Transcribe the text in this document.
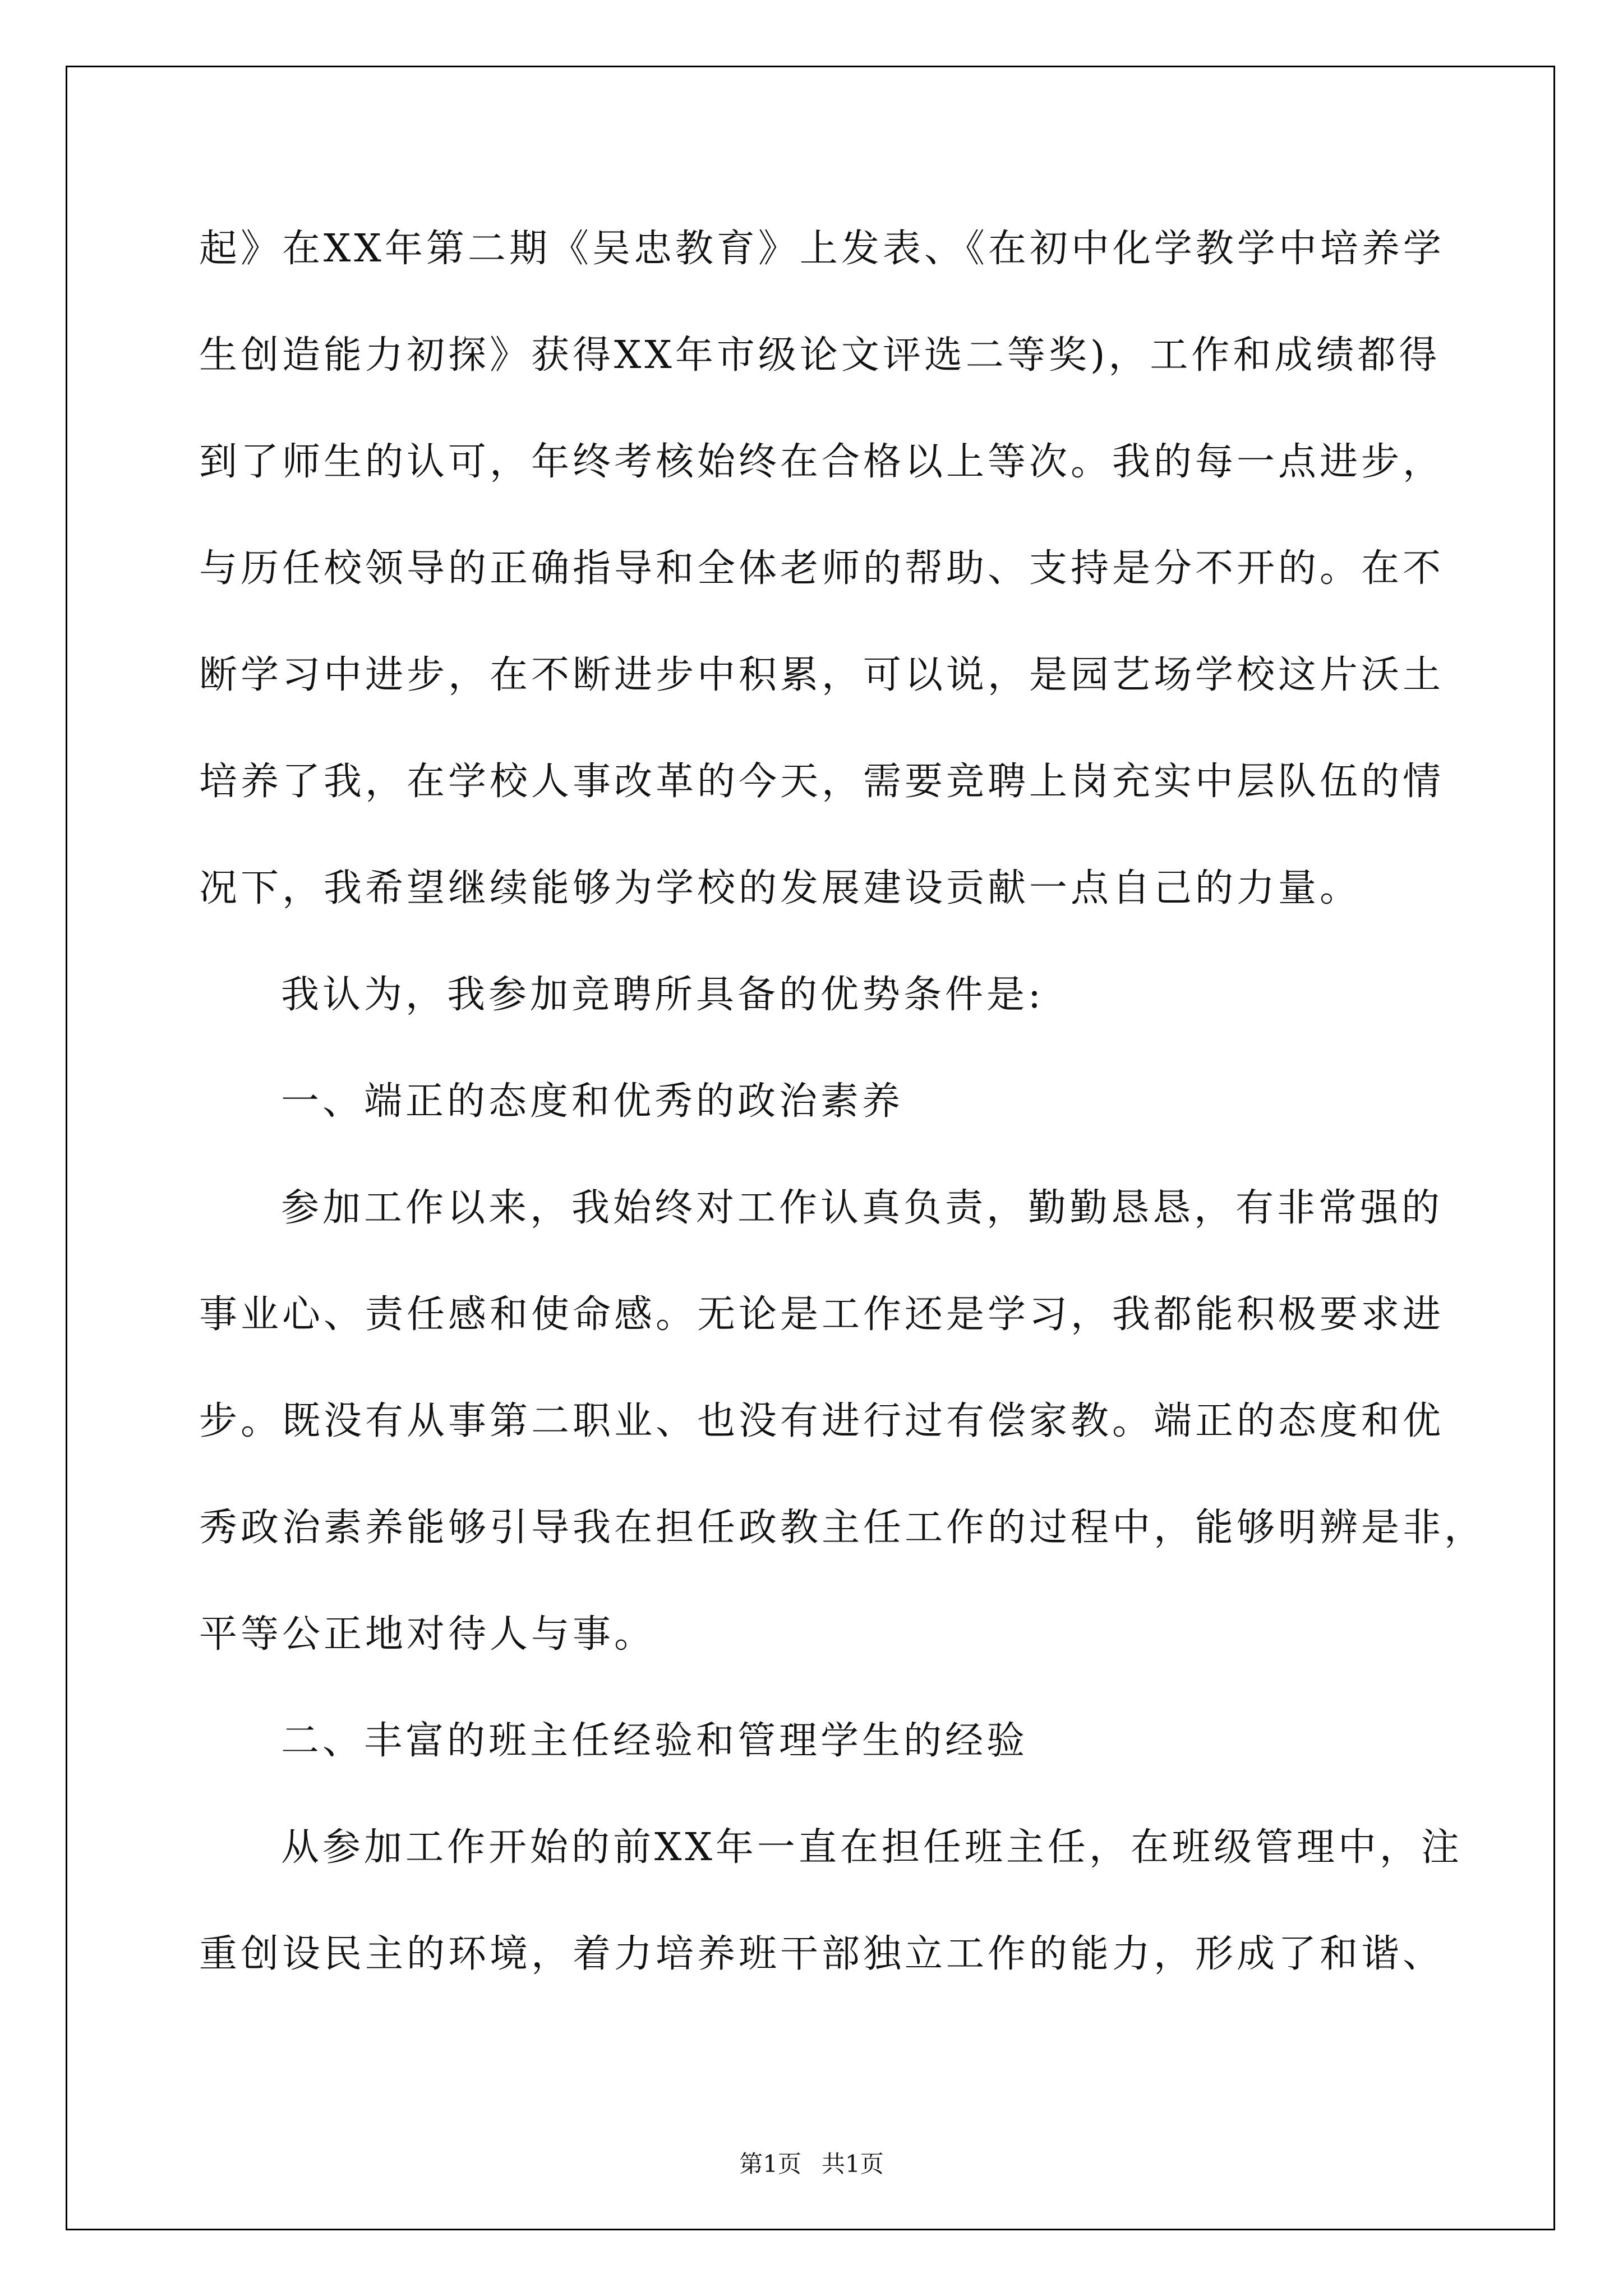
起》在XX年第二期《吴忠教育》上发表、《在初中化学教学中培养学
生创造能力初探》获得XX年市级论文评选二等奖)，工作和成绩都得
到了师生的认可，年终考核始终在合格以上等次。我的每一点进步，
与历任校领导的正确指导和全体老师的帮助、支持是分不开的。在不
断学习中进步，在不断进步中积累，可以说，是园艺场学校这片沃土
培养了我，在学校人事改革的今天，需要竞聘上岗充实中层队伍的情
况下，我希望继续能够为学校的发展建设贡献一点自己的力量。
我认为，我参加竞聘所具备的优势条件是:
一、端正的态度和优秀的政治素养
参加工作以来，我始终对工作认真负责，勤勤恳恳，有非常强的
事业心、责任感和使命感。无论是工作还是学习，我都能积极要求进
步。既没有从事第二职业、也没有进行过有偿家教。端正的态度和优
秀政治素养能够引导我在担任政教主任工作的过程中，能够明辨是非，
平等公正地对待人与事。
二、丰富的班主任经验和管理学生的经验
从参加工作开始的前XX年一直在担任班主任，在班级管理中，注
重创设民主的环境，着力培养班干部独立工作的能力，形成了和谐、
第1页 共1页
